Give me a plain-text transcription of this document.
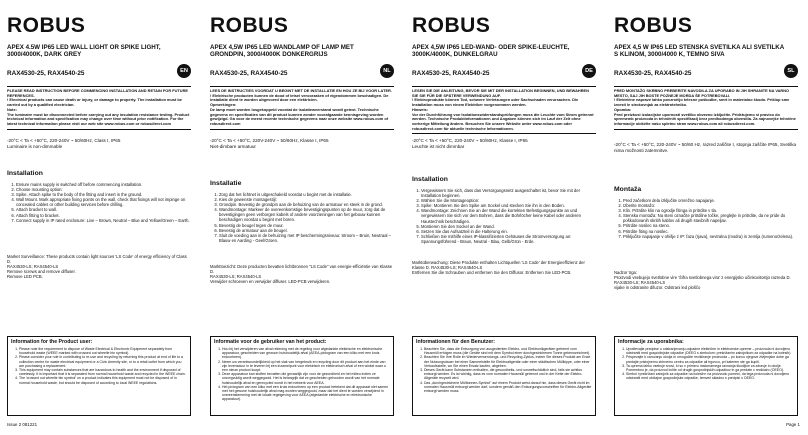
ROBUS
APEX 4.5W IP65 LED WALL LIGHT OR SPIKE LIGHT, 3000/4000K, DARK GREY
RAX4530-25, RAX4540-25	EN

PLEASE READ INSTRUCTION BEFORE COMMENCING INSTALLATION AND RETAIN FOR FUTURE REFERENCES.

! Electrical products can cause death or injury, or damage to property. The installation must be carried out by a qualified electrician.

Note:

The luminaire must be disconnected before carrying out any insulation resistance testing. Product technical information and specification may change over time without prior notification. For the latest technical information please visit our web site www.robus.com or robusdirect.com

-20°C < Ta < +50°C, 220-240V ~ 50/60Hz, Class I, IP65

Luminaire is non-dimmable

Installation
1. Ensure mains supply is switched off before commencing installation.
2. Choose mounting option:
3. Spike. Attach spike to the body of the fitting and insert in the ground.
4. Wall Mount. Mark appropriate fixing points on the wall, check that fixings will not impinge on concealed cables or other building services before drilling.
5. Attach bracket to wall.
6. Attach fitting to bracket.
7. Connect supply in IP rated enclosure: Live – Brown, Neutral – Blue and Yellow/Green – Earth.

Market Surveillance: These products contain light sources 'LS Code' of energy efficiency of Class D.

RAX4530-LS; RAX4540-LS

Remove screws and remove diffuser.

Remove LED PCB.

Information for the Product user:
1. Please note the requirement to dispose of Waste Electrical & Electronic Equipment separately from household waste (WEEE marked with crossed out wheelie bin symbol).
2. Please consider your role in contributing to re-use and recycling by returning this product at end of life to a collection centre for waste electrical equipment or a Civic Amenity site, or to a retail outlet from which you are purchasing a replacement.
3. This equipment may contain substances that are hazardous to health and the environment if disposed of carelessly. It is important that it is separated from normal household waste and recycled in the WEEE chain.
4. The 'crossed out wheelie bin symbol' on a product indicates this equipment must not be disposed of in normal household waste, but should be disposed of according to local WEEE regulations.
ROBUS
APEX 4,5W IP65 LED WANDLAMP OF LAMP MET GRONDPIN, 3000/4000K DONKERGRIJS
RAX4530-25, RAX4540-25	NL

LEES DE INSTRUCTIES VOORDAT U BEGINT MET DE INSTALLATIE EN HOU ZE BIJ VOOR LATER.

! Elektrische producten kunnen de dood of letsel veroorzaken of eigendommen beschadigen. De installatie dient te worden uitgevoerd door een elektricien.

Opmerkingen:

De lamp moet worden losgekoppeld voordat de isolatieweerstand wordt getest. Technische gegevens en specificaties van dit product kunnen zonder voorafgaande kennisgeving worden gewijzigd. Ga voor de meest recente technische gegevens naar onze website www.robus.com of robusdirect.com

-20°C < Ta < +50°C, 220V-240V ~ 50/60Hz, Klasse I, IP65

Niet-dimbare armatuur

Installatie
1. Zorg dat het lichtnet is uitgeschakeld voordat u begint met de installatie.
2. Kies de gewenste montagestijl:
3. Grondpin. Bevestig de grondpin aan de behuizing van de armatuur en steek in de grond.
4. Wandmontage: Markeer de overeenkomstige bevestigingspunten op de muur, zorg dat de bevestigingen geen verborgen kabels of andere voorzieningen van het gebouw kunnen beschadigen voordat u begint met boren.
5. Bevestig de beugel tegen de muur.
6. Bevestig de armatuur aan de beugel.
7. Sluit de voeding aan in de behuizing met IP beschermingsniveau: Stroom – Bruin, Neutraal – Blauw en Aarding - Geel/Groen.

Markttoezicht: Deze producten bevatten lichtbronnen "LS Code" van energie-efficiëntie van Klasse D.

RAX4530-LS; RAX4540-LS

Verwijder schroeven en verwijder diffuser. LED-PCB verwijderen.

Informatie voor de gebruiker van het product:
1. Hou bij het verwijderen van afval rekening met de regeling voor afgedankte elektrische en elektronische apparatuur, gescheiden van gewoon huishoudelijk afval (AEEA-pictogram van een kliko met een kruis erdoorheen).
2. Neem uw verantwoordelijkheid op het vlak van hergebruik en recycling door dit product aan het einde van zijn levensduur in te leveren bij een inzamelpunt voor elektrisch en elektronisch afval of een winkel waar u een nieuw product koopt.
3. Deze apparatuur kan stoffen bevatten die gevaarlijk zijn voor de gezondheid en het milieu indien ze onzorgvuldig wordt weggegooid. Het is belangrijk dat ze gescheiden gehouden wordt van het normale huishoudelijk afval en gerecycled wordt in het netwerk voor AEEA.
4. Het pictogram van een kliko met een kruis erdoorheen op een product betekent dat dit apparaat niet samen met het gewone huishoudelijk afval mag worden weggegooid, maar dat het dient te worden verwijderd in overeenstemming met de lokale regelgeving voor AEEA (afgedankte elektrische en elektronische apparatuur).
ROBUS
APEX 4,5W IP65 LED-WAND- ODER SPIKE-LEUCHTE, 3000K/4000K, DUNKELGRAU
RAX4530-25, RAX4540-25	DE

LESEN SIE DIE ANLEITUNG, BEVOR SIE MIT DER INSTALLATION BEGINNEN, UND BEWAHREN SIE SIE FÜR DIE SPÄTERE VERWENDUNG AUF.

! Elektroprodukte können Tod, schwere Verletzungen oder Sachschaden verursachen. Die Installation muss von einem Elektriker vorgenommen werden.

Hinweis:

Vor der Durchführung von Isolationswiderstandsprüfungen muss die Leuchte vom Strom getrennt werden. Technische Produktinformationen und Angaben können sich im Lauf der Zeit ohne vorherige Mitteilung ändern. Besuchen Sie unsere Website unter www.robus.com oder robusdirect.com für aktuelle technische Informationen.

-20°C < Ta < +50°C, 220-240V ~ 50/60Hz, Klasse I, IP65

Leuchte ist nicht dimmbar

Installation
1. Vergewissern Sie sich, dass das Versorgungsnetz ausgeschaltet ist, bevor Sie mit der Installation beginnen.
2. Wählen Sie die Montageoption:
3. Spike: Montieren Sie den Spike am Sockel und stecken Sie ihn in den Boden.
4. Wandmontage: Zeichnen Sie an der Wand die korrekten Befestigungspunkte an und vergewissern Sie sich vor dem Bohren, dass die Bohrlöcher keine Kabel oder anderen Haustechnik beschädigen.
5. Montieren Sie den Sockel an der Wand.
6. Setzen Sie das Aufsatzteil in die Halterung ein.
7. Schließen Sie mithilfe eines IP-klassifizierten Gehäuses die Stromversorgung an: Spannungsführend - Braun, Neutral - Blau, Gelb/Grün - Erde.

Marktüberwachung: Diese Produkte enthalten Lichtquellen 'LS Code' der Energieeffizienz der Klasse D. RAX4530-LS; RAX4540-LS

Entfernen Sie die Schrauben und entfernen Sie den Diffusor. Entfernen Sie LED-PCB.

Informationen für den Benutzer:
1. Beachten Sie, dass die Entsorgung von ausgedienten Elektro- und Elektronikgeräten getrennt vom Hausmüll erfolgen muss (die Geräte sind mit dem Symbol einer durchgestrichenen Tonne gekennzeichnet).
2. Beachten Sie Ihre Rolle im Wiederverwendungs- und Recycling-Zyklus, indem Sie dieses Produkt am Ende der Nutzungsdauer bei einer Sammelstelle für Elektroaltgeräte oder einer städtischen Müllkippe, oder einer Verkaufsstelle, wo Sie einen Ersatz kaufen, abgeben.
3. Dieses Gerät kann Substanzen enthalten, die gesundheits- und umweltschädlich sind, falls sie achtlos entsorgt werden. Es ist wichtig, dass es vom normalen Hausmüll getrennt und in der Kette der Elektro-Altgeräte recycelt wird.
4. Das „durchgestrichene Mülltonnen-Symbol" auf einem Produkt weist darauf hin, dass dieses Gerät nicht im normalen Hausmüll entsorgt werden darf, sondern gemäß den Entsorgungsvorschriften für Elektro-Altgeräte entsorgt werden muss.
ROBUS
APEX 4,5 W IP65 LED STENSKA SVETILKA ALI SVETILKA S KLINOM, 3000/4000 K, TEMNO SIVA
RAX4530-25, RAX4540-25	SL

PRED MONTAŽO SKRBNO PREBERITE NAVODILA ZA UPORABO IN JIH SHRANITE NA VARNO MESTO, SAJ JIH BOSTE POZNEJE MORDA ŠE POTREBOVALI.

! Električne naprave lahko povzročijo telesne poškodbe, smrt in materialno škodo. Priklop sme izvesti le strokovnjak za elektrotehniko.

Opomba:

Pred preizkusi izolacijske upornosti svetilko obvezno izključite. Pridržujemo si pravico do sprememb proizvoda in tehničnih specifikacij brez predhodnega obvestila. Za najnovejše tehnične informacije obiščite našo spletno stran www.robus.com ali robusdirect.com.

-20°C < Ta < +50°C, 220-240V ~ 50/60 Hz, razred zaščite I, stopnja zaščite IP65, Svetilka nima možnosti zatemnitve.

Montaža
1. Pred začetkom dela izključite omrežno napajanje.
2. Izberite montažo:
3. Klin. Pritrdite klin na ogrodje fitinga in pritrdite v tla.
4. Stenska montaža: Na steni označite pritrdilne točke, preglejte in pritrdite, da ne pride do poškodovanih skritih kablov ali drugih stavbnih napeljav.
5. Pritrdite nosilec na steno.
6. Pritrdite fiting na nosilec.
7. Priključite napajanje v ohišje z IP: faza (rjava), nevtralna (modra) in zemlja (rumeno/zelena).

Nadzor trga:

Proizvodi vsebujejo svetlobne vire 'Šifra svetlobnega vira' z energijsko učinkovitostjo razreda D.

RAX4530-LS; RAX4540-LS

vijake in odstranite difuzor. Odstrani led ploščo

Informacije za uporabnika:
1. Upoštevajte predpise o odstranjevanju odpadne električne in elektronske opreme – proizvoda ni dovoljeno odstraniti med gospodinjske odpadke (OEEO s simbolom: prekrižanim zabojnikom za odpadke na kolesih).
2. Prispevajte k varovanju okolja in omogočite recikliranje proizvoda – po koncu njegove življenjske dobe ga predajte pristojnemu zbirnemu centru za odpadke ali trgovcu, pri katerem ste ga kupili.
3. Ta oprema lahko vsebuje snovi, ki so v primeru malomarnega ravnanja škodljive za zdravje in okolje. Pomembno je, da proizvod ločite od drugih gospodinjskih odpadkov in ga predate v reciklažo (OEEO).
4. Simbol »prekrižani zabojnik za odpadke na kolesih« na proizvodu pomeni, da tega proizvoda ni dovoljeno odstraniti med običajne gospodinjske odpadke, temveč skladno s predpisi o OEEO.
Issue 2 081221	Page 1
